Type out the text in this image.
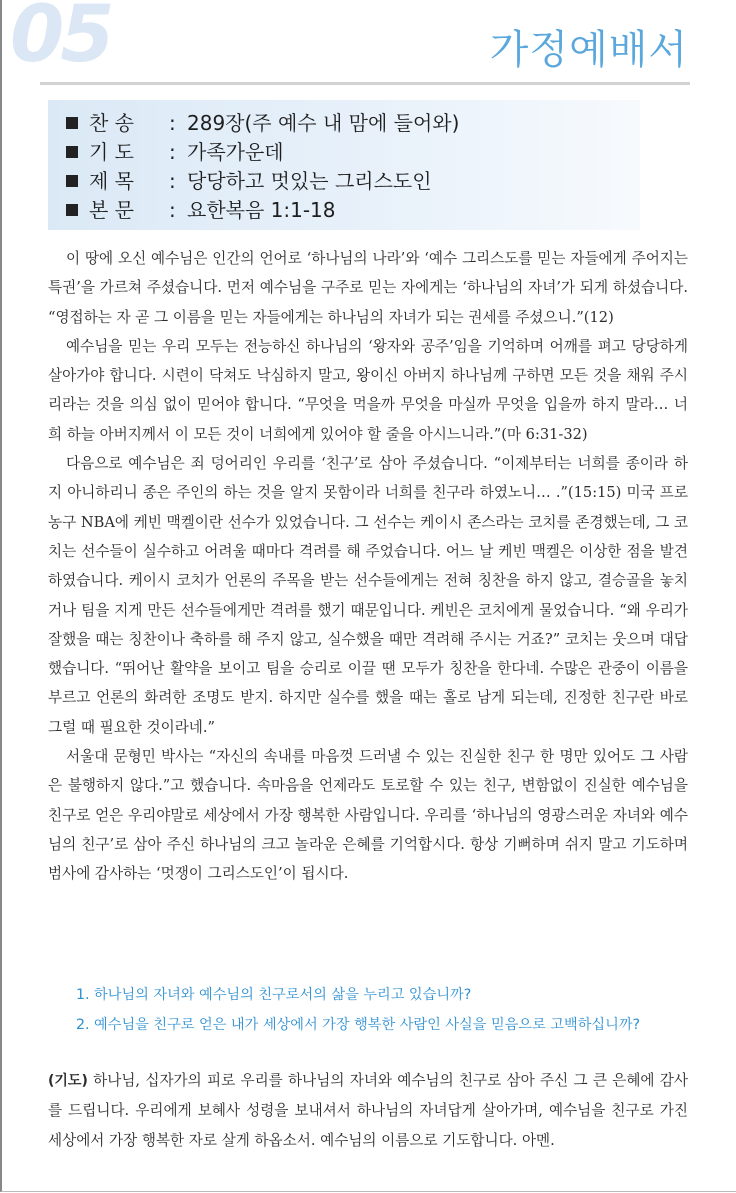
05	가정예배서
찬 송 : 289장(주 예수 내 맘에 들어와)
기 도 : 가족가운데
제 목 : 당당하고 멋있는 그리스도인
본 문 : 요한복음 1:1-18

이 땅에 오신 예수님은 인간의 언어로 ‘하나님의 나라’와 ‘예수 그리스도를 믿는 자들에게 주어지는 특권’을 가르쳐 주셨습니다. 먼저 예수님을 구주로 믿는 자에게는 ‘하나님의 자녀’가 되게 하셨습니다. “영접하는 자 곧 그 이름을 믿는 자들에게는 하나님의 자녀가 되는 권세를 주셨으니.”(12)

예수님을 믿는 우리 모두는 전능하신 하나님의 ‘왕자와 공주’임을 기억하며 어깨를 펴고 당당하게 살아가야 합니다. 시련이 닥쳐도 낙심하지 말고, 왕이신 아버지 하나님께 구하면 모든 것을 채워 주시리라는 것을 의심 없이 믿어야 합니다. “무엇을 먹을까 무엇을 마실까 무엇을 입을까 하지 말라… 너희 하늘 아버지께서 이 모든 것이 너희에게 있어야 할 줄을 아시느니라.”(마 6:31-32)

다음으로 예수님은 죄 덩어리인 우리를 ‘친구’로 삼아 주셨습니다. “이제부터는 너희를 종이라 하지 아니하리니 종은 주인의 하는 것을 알지 못함이라 너희를 친구라 하였노니… .”(15:15) 미국 프로농구 NBA에 케빈 맥켈이란 선수가 있었습니다. 그 선수는 케이시 존스라는 코치를 존경했는데, 그 코치는 선수들이 실수하고 어려울 때마다 격려를 해 주었습니다. 어느 날 케빈 맥켈은 이상한 점을 발견 하였습니다. 케이시 코치가 언론의 주목을 받는 선수들에게는 전혀 칭찬을 하지 않고, 결승골을 놓치거나 팀을 지게 만든 선수들에게만 격려를 했기 때문입니다. 케빈은 코치에게 물었습니다. “왜 우리가 잘했을 때는 칭찬이나 축하를 해 주지 않고, 실수했을 때만 격려해 주시는 거죠?” 코치는 웃으며 대답했습니다. “뛰어난 활약을 보이고 팀을 승리로 이끌 땐 모두가 칭찬을 한다네. 수많은 관중이 이름을 부르고 언론의 화려한 조명도 받지. 하지만 실수를 했을 때는 홀로 남게 되는데, 진정한 친구란 바로 그럴 때 필요한 것이라네.”

서울대 문형민 박사는 “자신의 속내를 마음껏 드러낼 수 있는 진실한 친구 한 명만 있어도 그 사람은 불행하지 않다.”고 했습니다. 속마음을 언제라도 토로할 수 있는 친구, 변함없이 진실한 예수님을 친구로 얻은 우리야말로 세상에서 가장 행복한 사람입니다. 우리를 ‘하나님의 영광스러운 자녀와 예수님의 친구’로 삼아 주신 하나님의 크고 놀라운 은혜를 기억합시다. 항상 기뻐하며 쉬지 말고 기도하며 범사에 감사하는 ‘멋쟁이 그리스도인’이 됩시다.

1. 하나님의 자녀와 예수님의 친구로서의 삶을 누리고 있습니까?
2. 예수님을 친구로 얻은 내가 세상에서 가장 행복한 사람인 사실을 믿음으로 고백하십니까?
(기도) 하나님, 십자가의 피로 우리를 하나님의 자녀와 예수님의 친구로 삼아 주신 그 큰 은혜에 감사를 드립니다. 우리에게 보혜사 성령을 보내셔서 하나님의 자녀답게 살아가며, 예수님을 친구로 가진 세상에서 가장 행복한 자로 살게 하옵소서. 예수님의 이름으로 기도합니다. 아멘.
